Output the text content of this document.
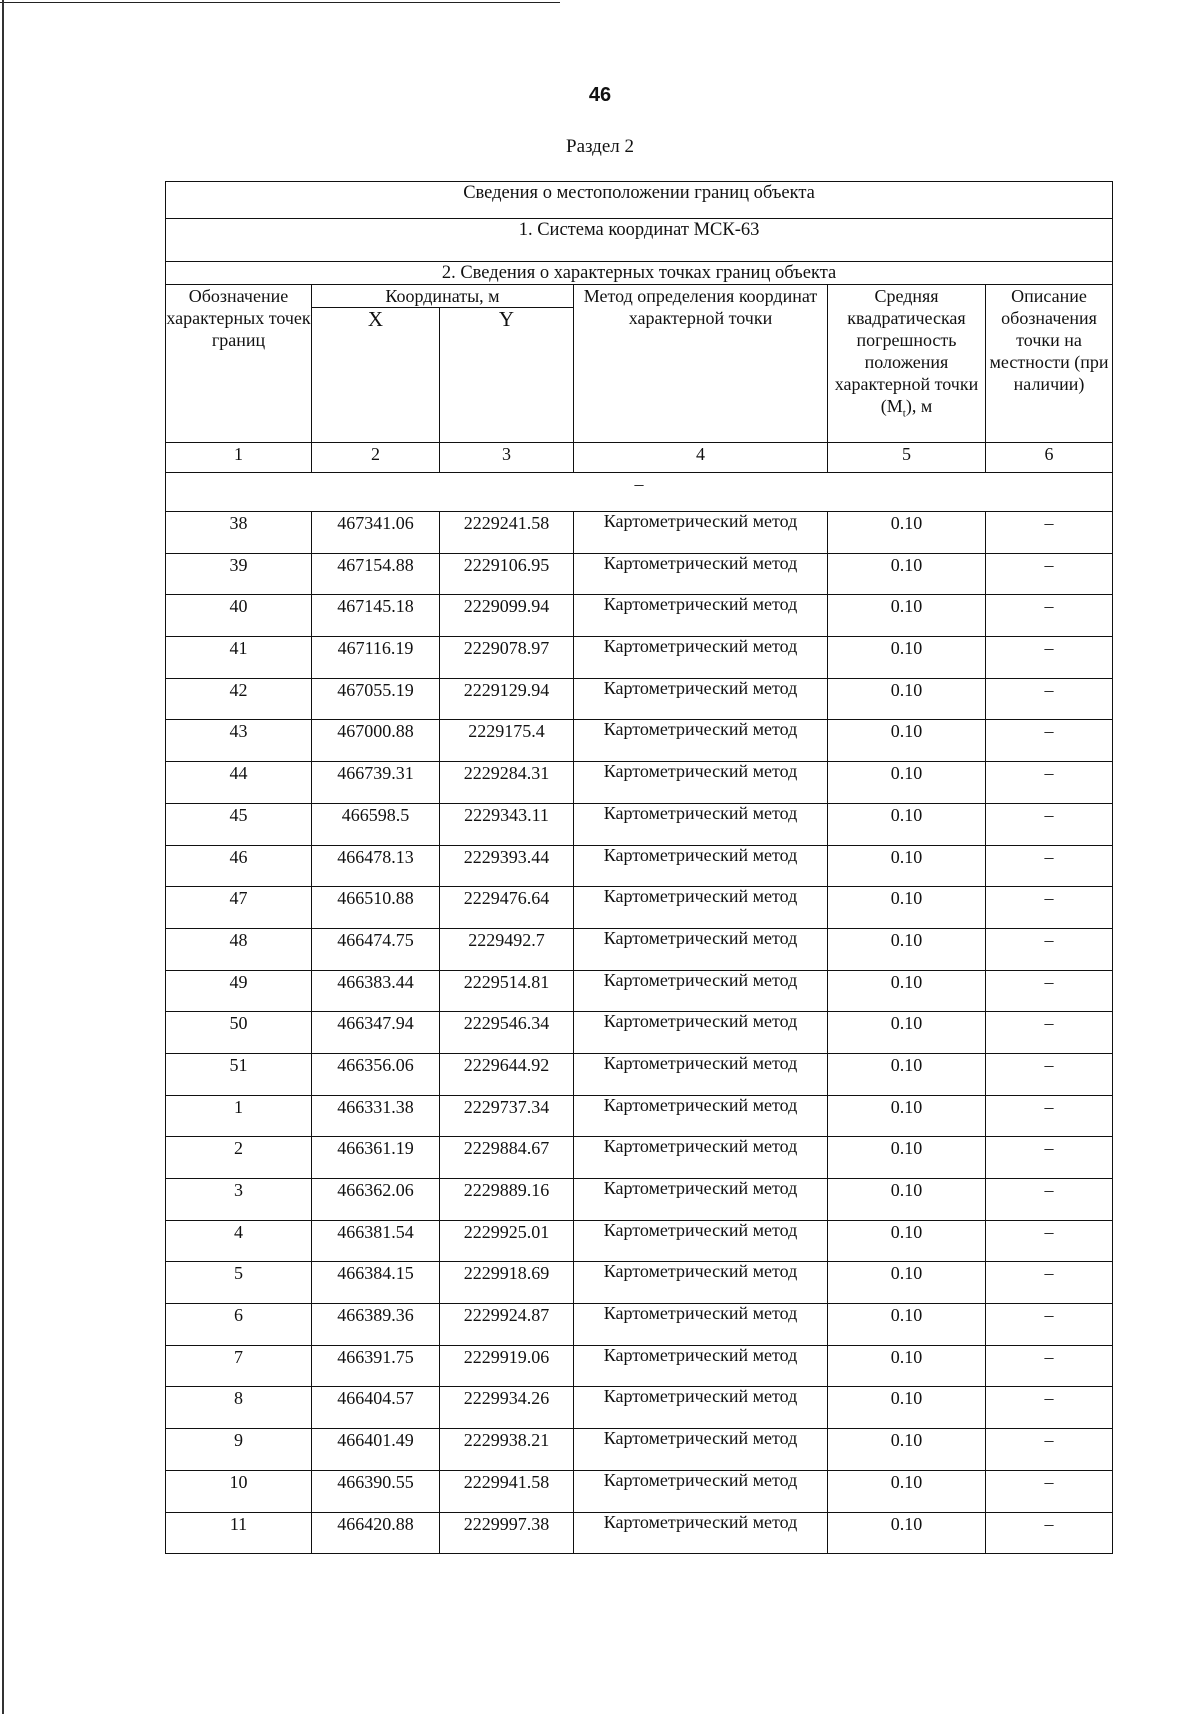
46
Раздел 2
Сведения о местоположении границ объекта					
1. Система координат МСК-63					
2. Сведения о характерных точках границ объекта					
Обозначение характерных точек границ	Координаты, м		Метод определения координат характерной точки	Средняя квадратическая погрешность положения характерной точки $(M_t)$, м	Описание обозначения точки на местности (при наличии)
	X	Y			
1	2	3	4	5	6
–					
38	467341.06	2229241.58	Картометрический метод	0.10	–
39	467154.88	2229106.95	Картометрический метод	0.10	–
40	467145.18	2229099.94	Картометрический метод	0.10	–
41	467116.19	2229078.97	Картометрический метод	0.10	–
42	467055.19	2229129.94	Картометрический метод	0.10	–
43	467000.88	2229175.4	Картометрический метод	0.10	–
44	466739.31	2229284.31	Картометрический метод	0.10	–
45	466598.5	2229343.11	Картометрический метод	0.10	–
46	466478.13	2229393.44	Картометрический метод	0.10	–
47	466510.88	2229476.64	Картометрический метод	0.10	–
48	466474.75	2229492.7	Картометрический метод	0.10	–
49	466383.44	2229514.81	Картометрический метод	0.10	–
50	466347.94	2229546.34	Картометрический метод	0.10	–
51	466356.06	2229644.92	Картометрический метод	0.10	–
1	466331.38	2229737.34	Картометрический метод	0.10	–
2	466361.19	2229884.67	Картометрический метод	0.10	–
3	466362.06	2229889.16	Картометрический метод	0.10	–
4	466381.54	2229925.01	Картометрический метод	0.10	–
5	466384.15	2229918.69	Картометрический метод	0.10	–
6	466389.36	2229924.87	Картометрический метод	0.10	–
7	466391.75	2229919.06	Картометрический метод	0.10	–
8	466404.57	2229934.26	Картометрический метод	0.10	–
9	466401.49	2229938.21	Картометрический метод	0.10	–
10	466390.55	2229941.58	Картометрический метод	0.10	–
11	466420.88	2229997.38	Картометрический метод	0.10	–
